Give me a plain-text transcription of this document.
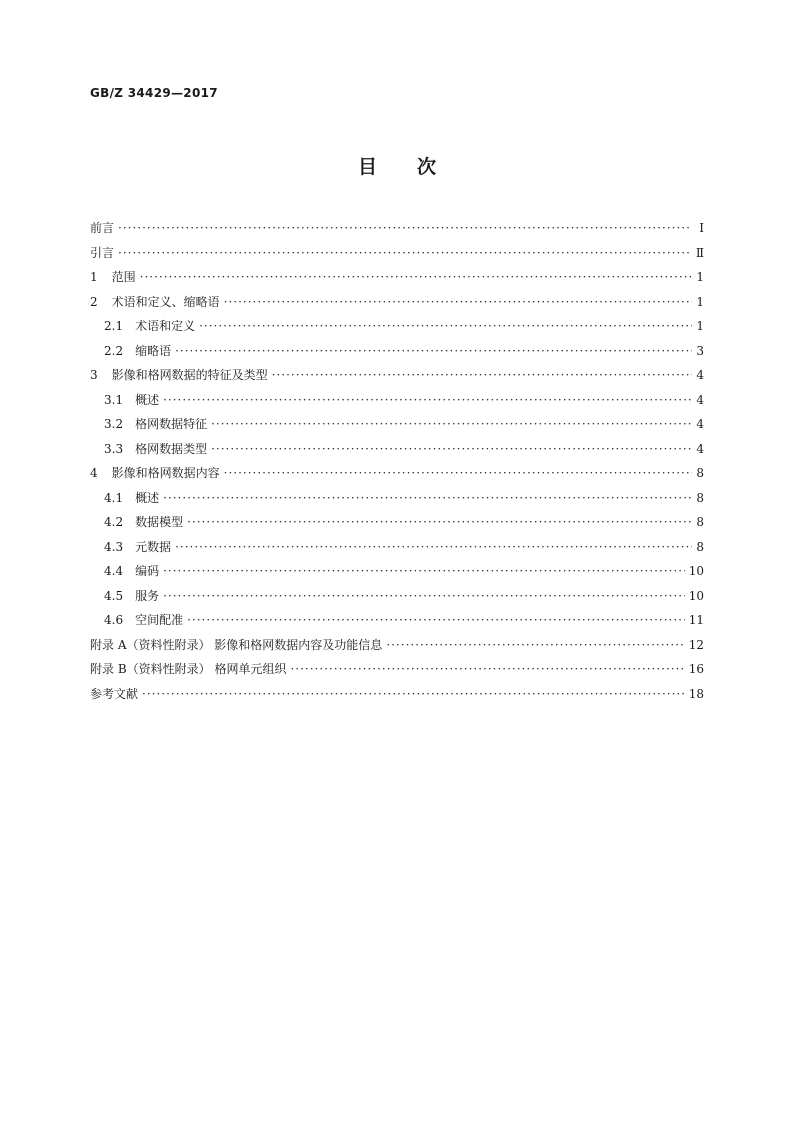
GB/Z 34429—2017
目次
前言 ·····	Ⅰ
引言 ·····	Ⅱ
1 范围 ·····	1
2 术语和定义、缩略语 ·····	1
2.1 术语和定义 ·····	1
2.2 缩略语 ·····	3
3 影像和格网数据的特征及类型 ·····	4
3.1 概述 ·····	4
3.2 格网数据特征 ·····	4
3.3 格网数据类型 ·····	4
4 影像和格网数据内容 ·····	8
4.1 概述 ·····	8
4.2 数据模型 ·····	8
4.3 元数据 ·····	8
4.4 编码 ·····	10
4.5 服务 ·····	10
4.6 空间配准 ·····	11
附录 A（资料性附录） 影像和格网数据内容及功能信息 ·····	12
附录 B（资料性附录） 格网单元组织 ·····	16
参考文献 ·····	18
